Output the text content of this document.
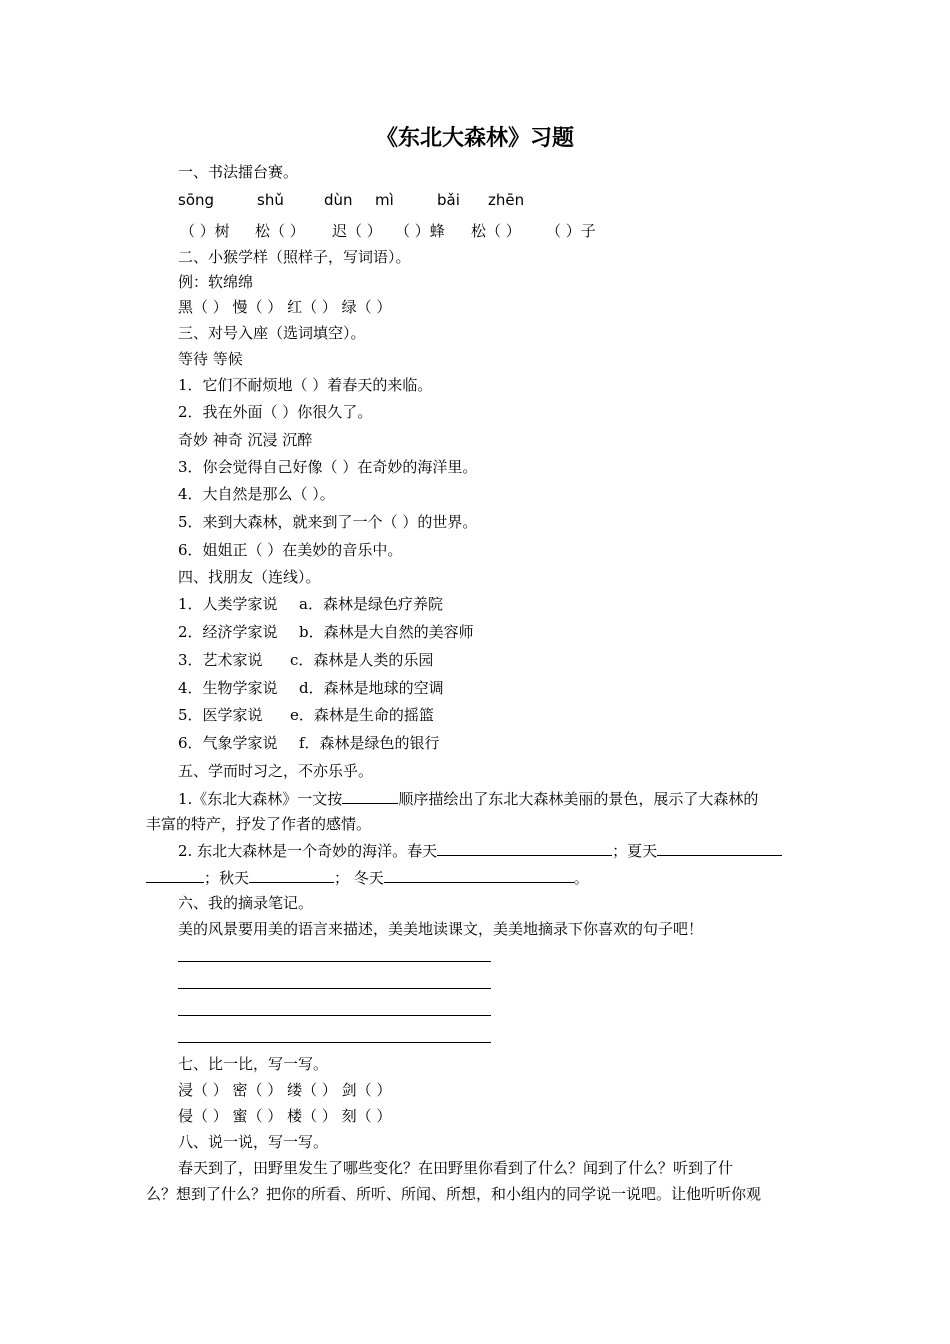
《东北大森林》习题
一、书法擂台赛。
sōng	shǔ	dùn mì	bǎi zhēn
（ ）树 松（ ） 迟（ ） （ ）蜂 松（ ） （ ）子
二、小猴学样（照样子，写词语）。
例：软绵绵
黑（ ） 慢（ ） 红（ ） 绿（ ）
三、对号入座（选词填空）。
等待 等候
1．它们不耐烦地（ ）着春天的来临。
2．我在外面（ ）你很久了。
奇妙 神奇 沉浸 沉醉
3．你会觉得自己好像（ ）在奇妙的海洋里。
4．大自然是那么（ ）。
5．来到大森林，就来到了一个（ ）的世界。
6．姐姐正（ ）在美妙的音乐中。
四、找朋友（连线）。
1．人类学家说 a．森林是绿色疗养院
2．经济学家说 b．森林是大自然的美容师
3．艺术家说 c．森林是人类的乐园
4．生物学家说 d．森林是地球的空调
5．医学家说 e．森林是生命的摇篮
6．气象学家说 f．森林是绿色的银行
五、学而时习之，不亦乐乎。
1.《东北大森林》一文按	顺序描绘出了东北大森林美丽的景色，展示了大森林的
丰富的特产，抒发了作者的感情。
2. 东北大森林是一个奇妙的海洋。春天	；夏天
；秋天	； 冬天	。
六、我的摘录笔记。
美的风景要用美的语言来描述，美美地读课文，美美地摘录下你喜欢的句子吧！
七、比一比，写一写。
浸（ ） 密（ ） 缕（ ） 剑（ ）
侵（ ） 蜜（ ） 楼（ ） 刻（ ）
八、说一说，写一写。
春天到了，田野里发生了哪些变化？在田野里你看到了什么？闻到了什么？听到了什
么？想到了什么？把你的所看、所听、所闻、所想，和小组内的同学说一说吧。让他听听你观
